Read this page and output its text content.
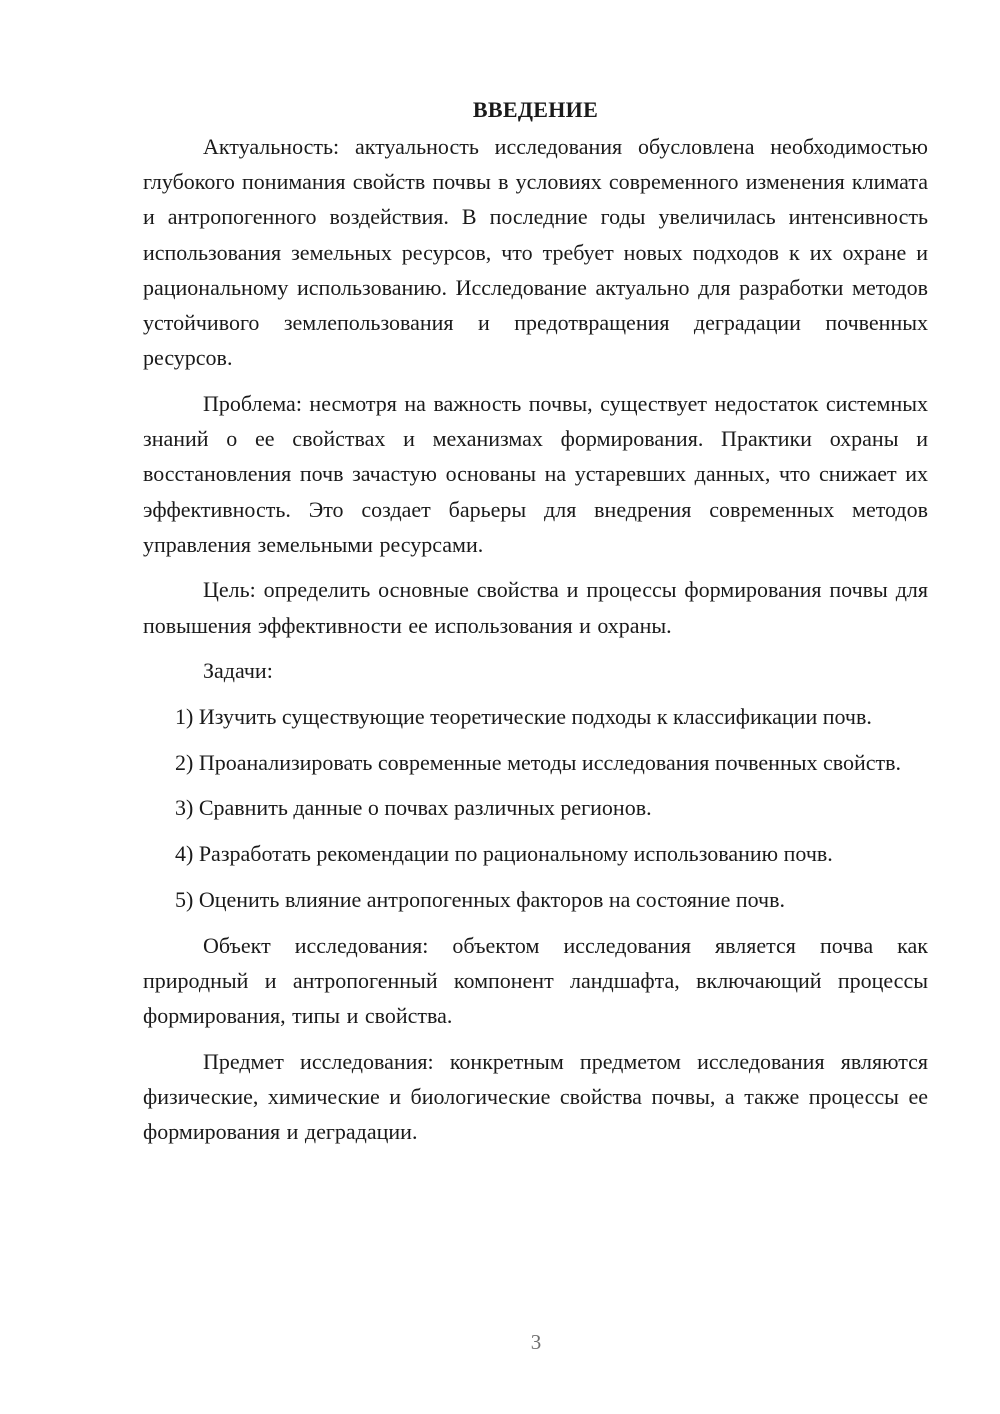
ВВЕДЕНИЕ

Актуальность: актуальность исследования обусловлена необходимостью глубокого понимания свойств почвы в условиях современного изменения климата и антропогенного воздействия. В последние годы увеличилась интенсивность использования земельных ресурсов, что требует новых подходов к их охране и рациональному использованию. Исследование актуально для разработки методов устойчивого землепользования и предотвращения деградации почвенных ресурсов.

Проблема: несмотря на важность почвы, существует недостаток системных знаний о ее свойствах и механизмах формирования. Практики охраны и восстановления почв зачастую основаны на устаревших данных, что снижает их эффективность. Это создает барьеры для внедрения современных методов управления земельными ресурсами.

Цель: определить основные свойства и процессы формирования почвы для повышения эффективности ее использования и охраны.

Задачи:

1) Изучить существующие теоретические подходы к классификации почв.

2) Проанализировать современные методы исследования почвенных свойств.

3) Сравнить данные о почвах различных регионов.

4) Разработать рекомендации по рациональному использованию почв.

5) Оценить влияние антропогенных факторов на состояние почв.

Объект исследования: объектом исследования является почва как природный и антропогенный компонент ландшафта, включающий процессы формирования, типы и свойства.

Предмет исследования: конкретным предметом исследования являются физические, химические и биологические свойства почвы, а также процессы ее формирования и деградации.

3
